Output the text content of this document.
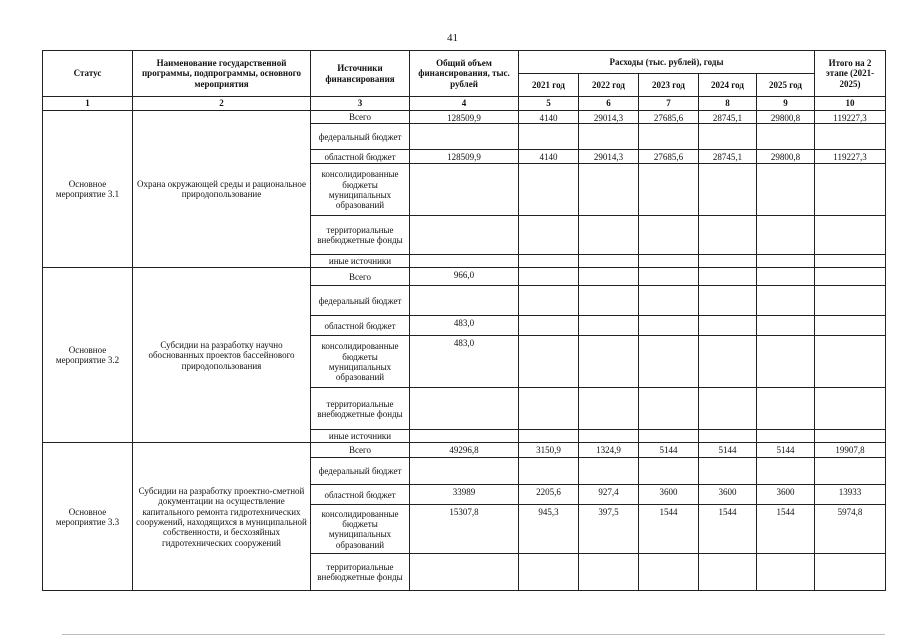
41
Статус	Наименование государственной программы, подпрограммы, основного мероприятия	Источники финансирования	Общий объем финансирования, тыс. рублей	Расходы (тыс. рублей), годы					Итого на 2 этапе (2021-2025)
				2021 год	2022 год	2023 год	2024 год	2025 год	
1	2	3	4	5	6	7	8	9	10
Основное мероприятие 3.1	Охрана окружающей среды и рациональное природопользование	Всего	128509,9	4140	29014,3	27685,6	28745,1	29800,8	119227,3
		федеральный бюджет							
		областной бюджет	128509,9	4140	29014,3	27685,6	28745,1	29800,8	119227,3
		консолидированные бюджеты муниципальных образований							
		территориальные внебюджетные фонды							
		иные источники							
Основное мероприятие 3.2	Субсидии на разработку научно обоснованных проектов бассейнового природопользования	Всего	966,0						
		федеральный бюджет							
		областной бюджет	483,0						
		консолидированные бюджеты муниципальных образований	483,0						
		территориальные внебюджетные фонды							
		иные источники							
Основное мероприятие 3.3	Субсидии на разработку проектно-сметной документации на осуществление капитального ремонта гидротехнических сооружений, находящихся в муниципальной собственности, и бесхозяйных гидротехнических сооружений	Всего	49296,8	3150,9	1324,9	5144	5144	5144	19907,8
		федеральный бюджет							
		областной бюджет	33989	2205,6	927,4	3600	3600	3600	13933
		консолидированные бюджеты муниципальных образований	15307,8	945,3	397,5	1544	1544	1544	5974,8
		территориальные внебюджетные фонды							
